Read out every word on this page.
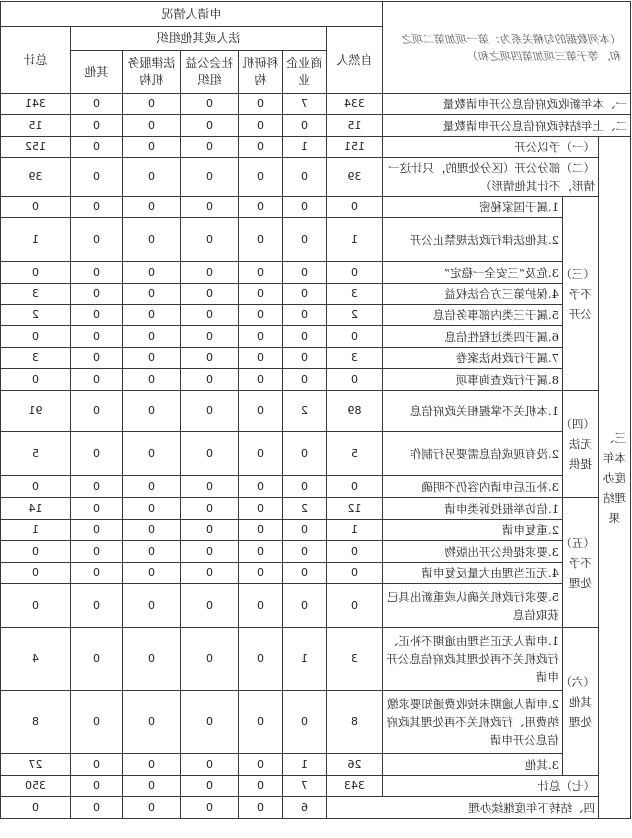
（本列数据的勾稽关系为：第一项加第二项之和，等于第三项加第四项之和）			申请人情况							
			自然人	法人或其他组织					总计	
				商业企业	科研机构	社会公益组织	法律服务机构	其他		
一、本年新收政府信息公开申请数量			334	7	0	0	0	0	341	
二、上年结转政府信息公开申请数量			15	0	0	0	0	0	15	
三、本年度办理结果	（一）予以公开		151	1	0	0	0	0	152	
	（二）部分公开（区分处理的，只计这一情形，不计其他情形）		39	0	0	0	0	0	39	
	（三）不予公开	1.属于国家秘密	0	0	0	0	0	0	0	
		2.其他法律行政法规禁止公开	1	0	0	0	0	0	1	
		3.危及“三安全一稳定”	0	0	0	0	0	0	0	
		4.保护第三方合法权益	3	0	0	0	0	0	3	
		5.属于三类内部事务信息	2	0	0	0	0	0	2	
		6.属于四类过程性信息	0	0	0	0	0	0	0	
		7.属于行政执法案卷	3	0	0	0	0	0	3	
		8.属于行政查询事项	0	0	0	0	0	0	0	
	（四）无法提供	1.本机关不掌握相关政府信息	89	2	0	0	0	0	91	
		2.没有现成信息需要另行制作	5	0	0	0	0	0	5	
		3.补正后申请内容仍不明确	0	0	0	0	0	0	0	
	（五）不予处理	1.信访举报投诉类申请	12	2	0	0	0	0	14	
		2.重复申请	1	0	0	0	0	0	1	
		3.要求提供公开出版物	0	0	0	0	0	0	0	
		4.无正当理由大量反复申请	0	0	0	0	0	0	0	
		5.要求行政机关确认或重新出具已获取信息	0	0	0	0	0	0	0	
	（六）其他处理	1.申请人无正当理由逾期不补正、行政机关不再处理其政府信息公开申请	3	1	0	0	0	0	4	
		2.申请人逾期未按收费通知要求缴纳费用、行政机关不再处理其政府信息公开申请	8	0	0	0	0	0	8	
		3.其他	26	1	0	0	0	0	27	
	（七）总计		343	7	0	0	0	0	350	
	四、结转下年度继续办理			6	0	0	0	0	0	
